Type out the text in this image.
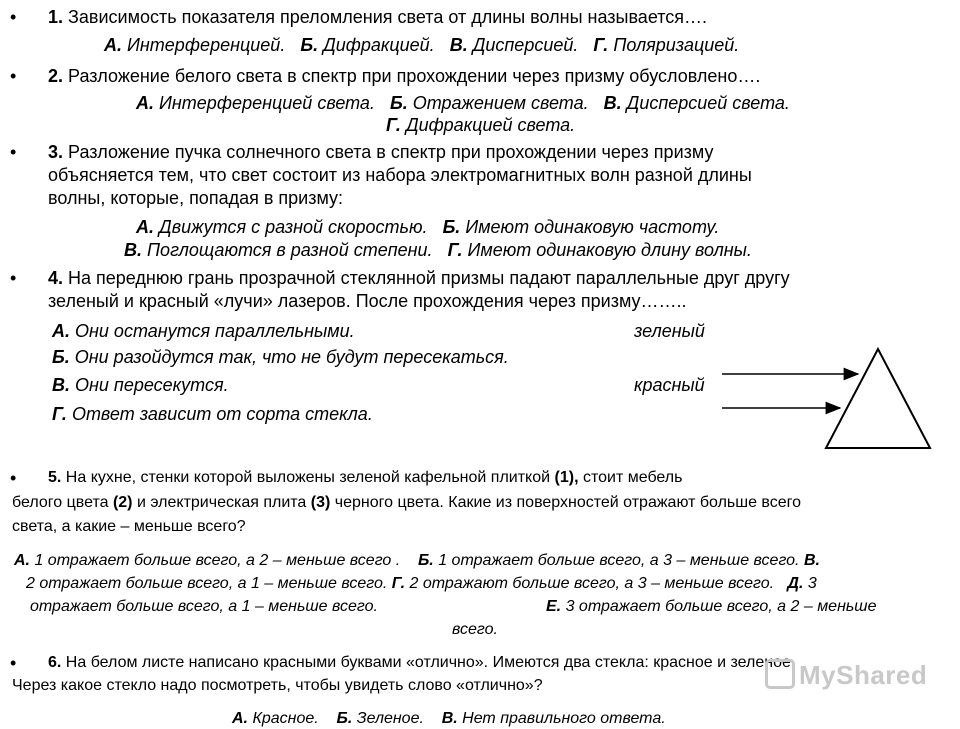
• 1. Зависимость показателя преломления света от длины волны называется….
А. Интерференцией. Б. Дифракцией. В. Дисперсией. Г. Поляризацией.
• 2. Разложение белого света в спектр при прохождении через призму обусловлено….
А. Интерференцией света. Б. Отражением света. В. Дисперсией света.
Г. Дифракцией света.
• 3. Разложение пучка солнечного света в спектр при прохождении через призму
объясняется тем, что свет состоит из набора электромагнитных волн разной длины
волны, которые, попадая в призму:
А. Движутся с разной скоростью. Б. Имеют одинаковую частоту.
В. Поглощаются в разной степени. Г. Имеют одинаковую длину волны.
• 4. На переднюю грань прозрачной стеклянной призмы падают параллельные друг другу
зеленый и красный «лучи» лазеров. После прохождения через призму……..
А. Они останутся параллельными.	зеленый
Б. Они разойдутся так, что не будут пересекаться.
В. Они пересекутся.	красный
Г. Ответ зависит от сорта стекла.
• 5. На кухне, стенки которой выложены зеленой кафельной плиткой (1), стоит мебель
белого цвета (2) и электрическая плита (3) черного цвета. Какие из поверхностей отражают больше всего
света, а какие – меньше всего?
А. 1 отражает больше всего, а 2 – меньше всего . Б. 1 отражает больше всего, а 3 – меньше всего. В.
2 отражает больше всего, а 1 – меньше всего. Г. 2 отражают больше всего, а 3 – меньше всего. Д. 3
отражает больше всего, а 1 – меньше всего.	Е. 3 отражает больше всего, а 2 – меньше
всего.
• 6. На белом листе написано красными буквами «отлично». Имеются два стекла: красное и зеленое.
Через какое стекло надо посмотреть, чтобы увидеть слово «отлично»?
А. Красное. Б. Зеленое. В. Нет правильного ответа.
MyShared
